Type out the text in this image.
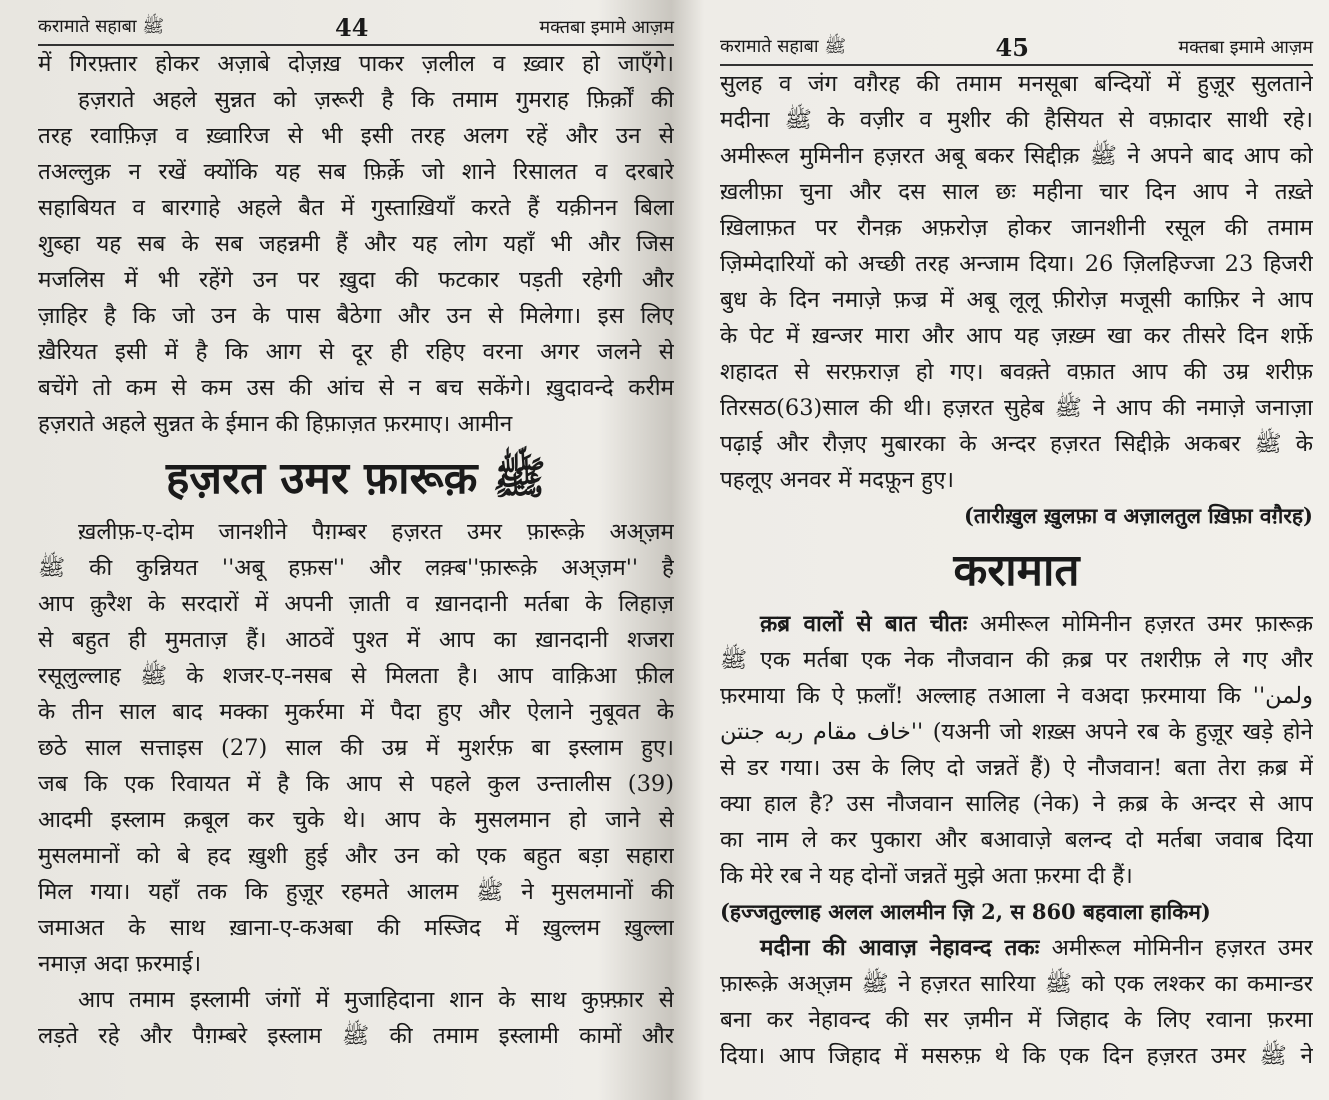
करामाते सहाबा ﷺ	44	मक्तबा इमामे आज़म
में गिरफ़्तार होकर अज़ाबे दोज़ख़ पाकर ज़लील व ख़्वार हो जाएँगे।
हज़राते अहले सुन्नत को ज़रूरी है कि तमाम गुमराह फ़िर्क़ों की
तरह रवाफ़िज़ व ख़्वारिज से भी इसी तरह अलग रहें और उन से
तअल्लुक़ न रखें क्योंकि यह सब फ़िर्क़े जो शाने रिसालत व दरबारे
सहाबियत व बारगाहे अहले बैत में गुस्ताख़ियाँ करते हैं यक़ीनन बिला
शुब्हा यह सब के सब जहन्नमी हैं और यह लोग यहाँ भी और जिस
मजलिस में भी रहेंगे उन पर ख़ुदा की फटकार पड़ती रहेगी और
ज़ाहिर है कि जो उन के पास बैठेगा और उन से मिलेगा। इस लिए
ख़ैरियत इसी में है कि आग से दूर ही रहिए वरना अगर जलने से
बचेंगे तो कम से कम उस की आंच से न बच सकेंगे। ख़ुदावन्दे करीम
हज़राते अहले सुन्नत के ईमान की हिफ़ाज़त फ़रमाए। आमीन
हज़रत उमर फ़ारूक़ ﷺ
ख़लीफ़-ए-दोम जानशीने पैग़म्बर हज़रत उमर फ़ारूक़े अअ्ज़म
ﷺ की कुन्नियत ''अबू हफ़स'' और लक़्ब''फ़ारूक़े अअ्ज़म'' है
आप क़ुरैश के सरदारों में अपनी ज़ाती व ख़ानदानी मर्तबा के लिहाज़
से बहुत ही मुमताज़ हैं। आठवें पुश्त में आप का ख़ानदानी शजरा
रसूलुल्लाह ﷺ के शजर-ए-नसब से मिलता है। आप वाक़िआ फ़ील
के तीन साल बाद मक्का मुकर्रमा में पैदा हुए और ऐलाने नुबूवत के
छठे साल सत्ताइस (27) साल की उम्र में मुशर्रफ़ बा इस्लाम हुए।
जब कि एक रिवायत में है कि आप से पहले कुल उन्तालीस (39)
आदमी इस्लाम क़बूल कर चुके थे। आप के मुसलमान हो जाने से
मुसलमानों को बे हद ख़ुशी हुई और उन को एक बहुत बड़ा सहारा
मिल गया। यहाँ तक कि हुज़ूर रहमते आलम ﷺ ने मुसलमानों की
जमाअत के साथ ख़ाना-ए-कअबा की मस्जिद में ख़ुल्लम ख़ुल्ला
नमाज़ अदा फ़रमाई।
आप तमाम इस्लामी जंगों में मुजाहिदाना शान के साथ कुफ़्फ़ार से
लड़ते रहे और पैग़म्बरे इस्लाम ﷺ की तमाम इस्लामी कामों और
करामाते सहाबा ﷺ	45	मक्तबा इमामे आज़म
सुलह व जंग वग़ैरह की तमाम मनसूबा बन्दियों में हुज़ूर सुलताने
मदीना ﷺ के वज़ीर व मुशीर की हैसियत से वफ़ादार साथी रहे।
अमीरूल मुमिनीन हज़रत अबू बकर सिद्दीक़ ﷺ ने अपने बाद आप को
ख़लीफ़ा चुना और दस साल छः महीना चार दिन आप ने तख़्ते
ख़िलाफ़त पर रौनक़ अफ़रोज़ होकर जानशीनी रसूल की तमाम
ज़िम्मेदारियों को अच्छी तरह अन्जाम दिया। 26 ज़िलहिज्जा 23 हिजरी
बुध के दिन नमाज़े फ़ज्र में अबू लूलू फ़ीरोज़ मजूसी काफ़िर ने आप
के पेट में ख़न्जर मारा और आप यह ज़ख़्म खा कर तीसरे दिन शर्फ़े
शहादत से सरफ़राज़ हो गए। बवक़्ते वफ़ात आप की उम्र शरीफ़
तिरसठ(63)साल की थी। हज़रत सुहेब ﷺ ने आप की नमाज़े जनाज़ा
पढ़ाई और रौज़ए मुबारका के अन्दर हज़रत सिद्दीक़े अकबर ﷺ के
पहलूए अनवर में मदफ़ून हुए।
(तारीख़ुल ख़ुलफ़ा व अज़ालतुल ख़िफ़ा वग़ैरह)
करामात
क़ब्र वालों से बात चीतः अमीरूल मोमिनीन हज़रत उमर फ़ारूक़
ﷺ एक मर्तबा एक नेक नौजवान की क़ब्र पर तशरीफ़ ले गए और
फ़रमाया कि ऐ फ़लाँ! अल्लाह तआला ने वअदा फ़रमाया कि ''ولمن
خاف مقام ربه جنتن'' (यअनी जो शख़्स अपने रब के हुज़ूर खड़े होने
से डर गया। उस के लिए दो जन्नतें हैं) ऐ नौजवान! बता तेरा क़ब्र में
क्या हाल है? उस नौजवान सालिह (नेक) ने क़ब्र के अन्दर से आप
का नाम ले कर पुकारा और बआवाज़े बलन्द दो मर्तबा जवाब दिया
कि मेरे रब ने यह दोनों जन्नतें मुझे अता फ़रमा दी हैं।
(हज्जतुल्लाह अलल आलमीन ज़ि 2, स 860 बहवाला हाकिम)
मदीना की आवाज़ नेहावन्द तकः अमीरूल मोमिनीन हज़रत उमर
फ़ारूक़े अअ्ज़म ﷺ ने हज़रत सारिया ﷺ को एक लश्कर का कमान्डर
बना कर नेहावन्द की सर ज़मीन में जिहाद के लिए रवाना फ़रमा
दिया। आप जिहाद में मसरुफ़ थे कि एक दिन हज़रत उमर ﷺ ने
